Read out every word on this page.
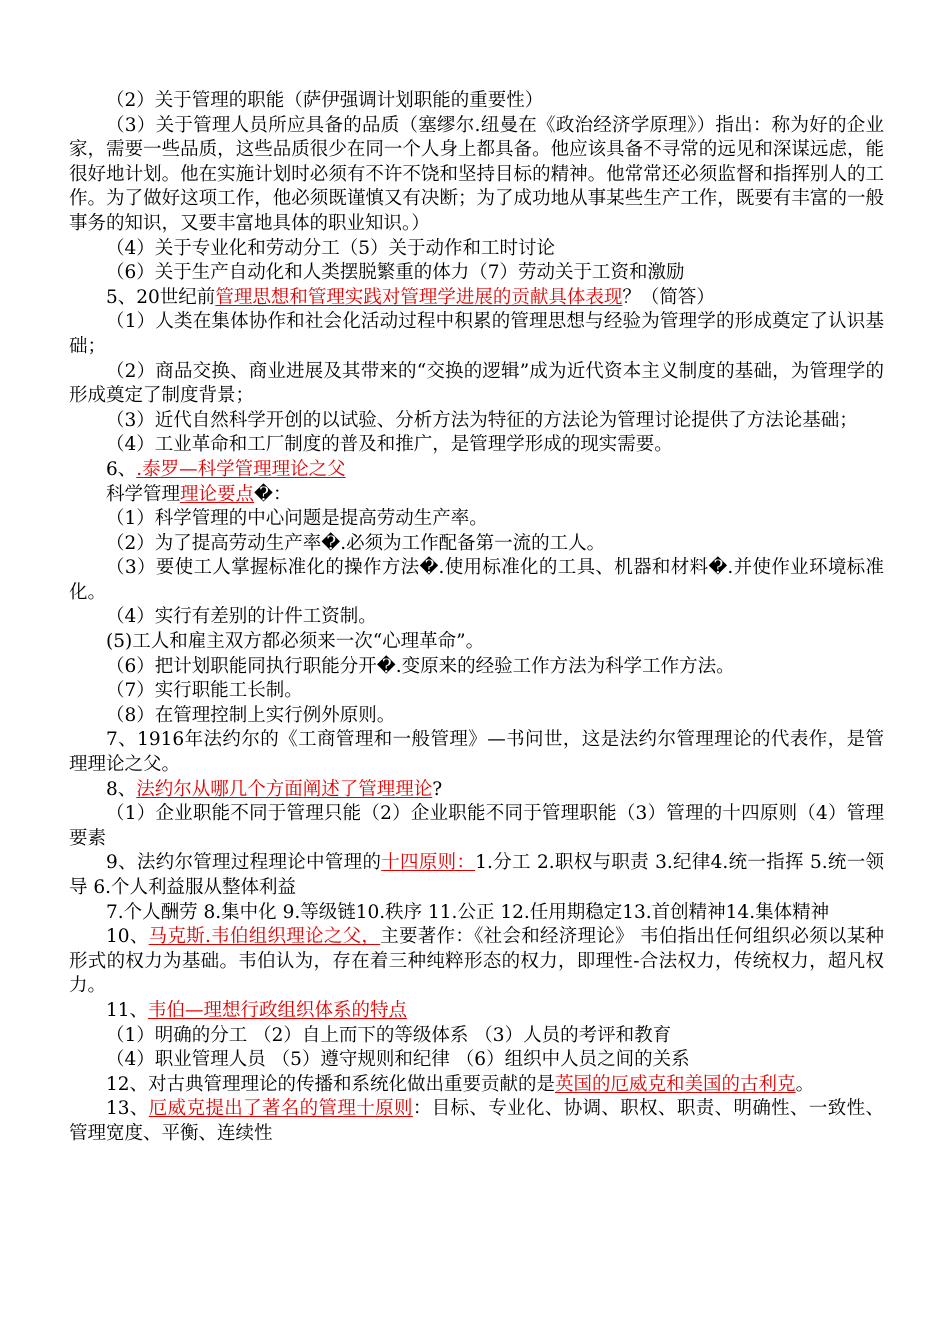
（2）关于管理的职能（萨伊强调计划职能的重要性）

（3）关于管理人员所应具备的品质（塞缪尔.纽曼在《政治经济学原理》）指出：称为好的企业家，需要一些品质，这些品质很少在同一个人身上都具备。他应该具备不寻常的远见和深谋远虑，能很好地计划。他在实施计划时必须有不许不饶和坚持目标的精神。他常常还必须监督和指挥别人的工作。为了做好这项工作，他必须既谨慎又有决断；为了成功地从事某些生产工作，既要有丰富的一般事务的知识，又要丰富地具体的职业知识。）

（4）关于专业化和劳动分工（5）关于动作和工时讨论

（6）关于生产自动化和人类摆脱繁重的体力（7）劳动关于工资和激励

5、20世纪前管理思想和管理实践对管理学进展的贡献具体表现？（简答）

（1）人类在集体协作和社会化活动过程中积累的管理思想与经验为管理学的形成奠定了认识基础；

（2）商品交换、商业进展及其带来的“交换的逻辑”成为近代资本主义制度的基础，为管理学的形成奠定了制度背景；

（3）近代自然科学开创的以试验、分析方法为特征的方法论为管理讨论提供了方法论基础；

（4）工业革命和工厂制度的普及和推广，是管理学形成的现实需要。

6、.泰罗—科学管理理论之父

科学管理理论要点�：

（1）科学管理的中心问题是提高劳动生产率。

（2）为了提高劳动生产率�.必须为工作配备第一流的工人。

（3）要使工人掌握标准化的操作方法�.使用标准化的工具、机器和材料�.并使作业环境标准化。

（4）实行有差别的计件工资制。

(5)工人和雇主双方都必须来一次“心理革命”。

（6）把计划职能同执行职能分开�.变原来的经验工作方法为科学工作方法。

（7）实行职能工长制。

（8）在管理控制上实行例外原则。

7、1916年法约尔的《工商管理和一般管理》—书问世，这是法约尔管理理论的代表作，是管理理论之父。

8、法约尔从哪几个方面阐述了管理理论?

（1）企业职能不同于管理只能（2）企业职能不同于管理职能（3）管理的十四原则（4）管理要素

9、法约尔管理过程理论中管理的十四原则：1.分工 2.职权与职责 3.纪律4.统一指挥 5.统一领导 6.个人利益服从整体利益

7.个人酬劳 8.集中化 9.等级链10.秩序 11.公正 12.任用期稳定13.首创精神14.集体精神

10、马克斯.韦伯组织理论之父，主要著作：《社会和经济理论》 韦伯指出任何组织必须以某种形式的权力为基础。韦伯认为，存在着三种纯粹形态的权力，即理性-合法权力，传统权力，超凡权力。

11、韦伯—理想行政组织体系的特点

（1）明确的分工 （2）自上而下的等级体系 （3）人员的考评和教育

（4）职业管理人员 （5）遵守规则和纪律 （6）组织中人员之间的关系

12、对古典管理理论的传播和系统化做出重要贡献的是英国的厄威克和美国的古利克。

13、厄威克提出了著名的管理十原则：目标、专业化、协调、职权、职责、明确性、一致性、管理宽度、平衡、连续性
